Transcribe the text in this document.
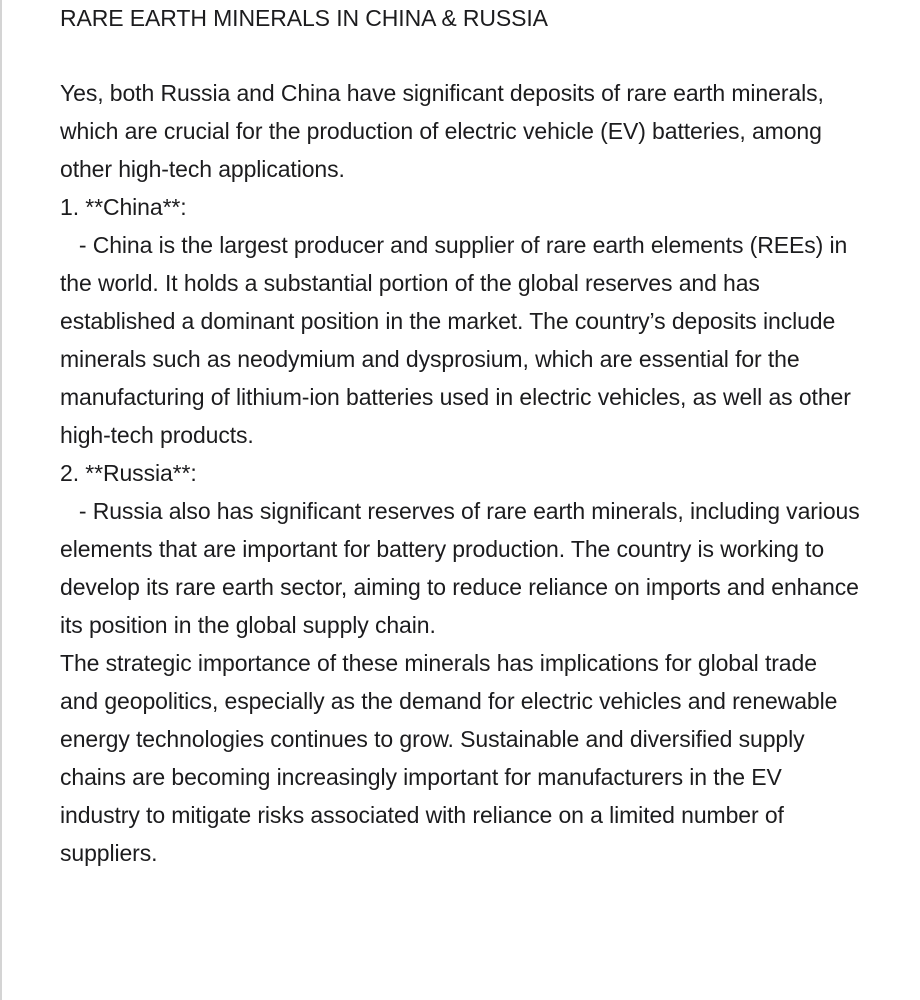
RARE EARTH MINERALS IN CHINA & RUSSIA

Yes, both Russia and China have significant deposits of rare earth minerals, which are crucial for the production of electric vehicle (EV) batteries, among other high-tech applications.

1. **China**:

- China is the largest producer and supplier of rare earth elements (REEs) in the world. It holds a substantial portion of the global reserves and has established a dominant position in the market. The country’s deposits include minerals such as neodymium and dysprosium, which are essential for the manufacturing of lithium-ion batteries used in electric vehicles, as well as other high-tech products.

2. **Russia**:

- Russia also has significant reserves of rare earth minerals, including various elements that are important for battery production. The country is working to develop its rare earth sector, aiming to reduce reliance on imports and enhance its position in the global supply chain.

The strategic importance of these minerals has implications for global trade and geopolitics, especially as the demand for electric vehicles and renewable energy technologies continues to grow. Sustainable and diversified supply chains are becoming increasingly important for manufacturers in the EV industry to mitigate risks associated with reliance on a limited number of suppliers.
